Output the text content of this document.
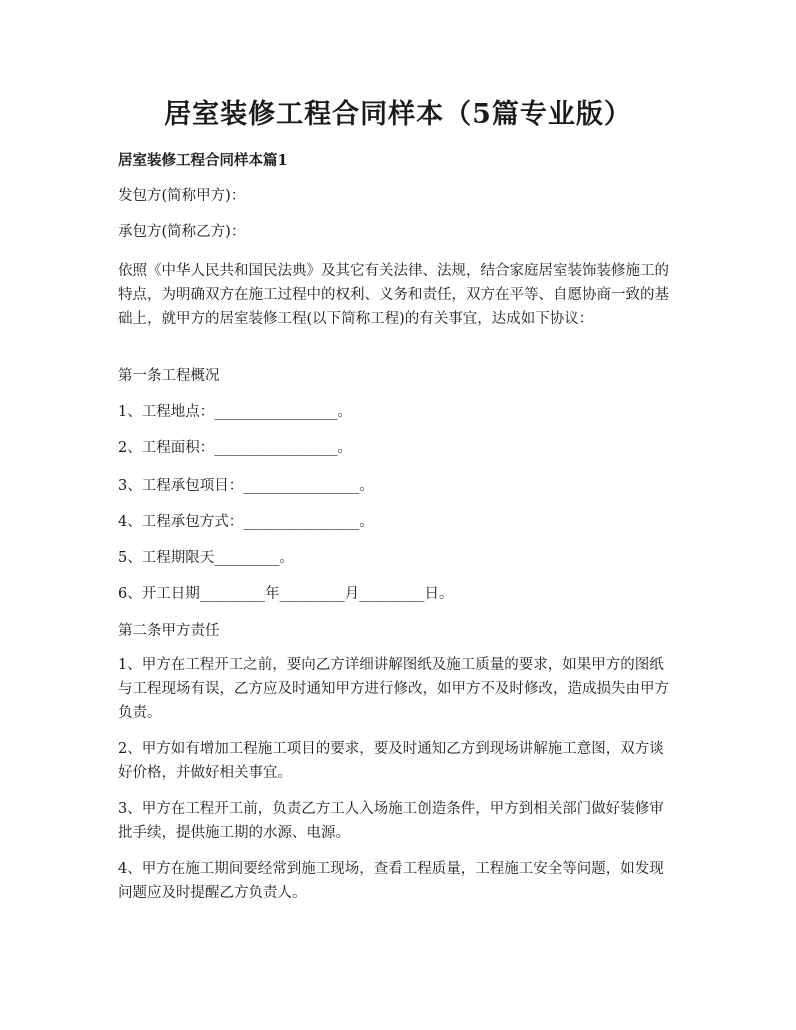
居室装修工程合同样本（5篇专业版）
居室装修工程合同样本篇1
发包方(简称甲方)：
承包方(简称乙方)：
依照《中华人民共和国民法典》及其它有关法律、法规，结合家庭居室装饰装修施工的特点，为明确双方在施工过程中的权利、义务和责任，双方在平等、自愿协商一致的基础上，就甲方的居室装修工程(以下简称工程)的有关事宜，达成如下协议：
第一条工程概况
1、工程地点：_________________。
2、工程面积：_________________。
3、工程承包项目：________________。
4、工程承包方式：________________。
5、工程期限天_________。
6、开工日期_________年_________月_________日。
第二条甲方责任
1、甲方在工程开工之前，要向乙方详细讲解图纸及施工质量的要求，如果甲方的图纸与工程现场有误，乙方应及时通知甲方进行修改，如甲方不及时修改，造成损失由甲方负责。
2、甲方如有增加工程施工项目的要求，要及时通知乙方到现场讲解施工意图，双方谈好价格，并做好相关事宜。
3、甲方在工程开工前，负责乙方工人入场施工创造条件，甲方到相关部门做好装修审批手续，提供施工期的水源、电源。
4、甲方在施工期间要经常到施工现场，查看工程质量，工程施工安全等问题，如发现问题应及时提醒乙方负责人。
